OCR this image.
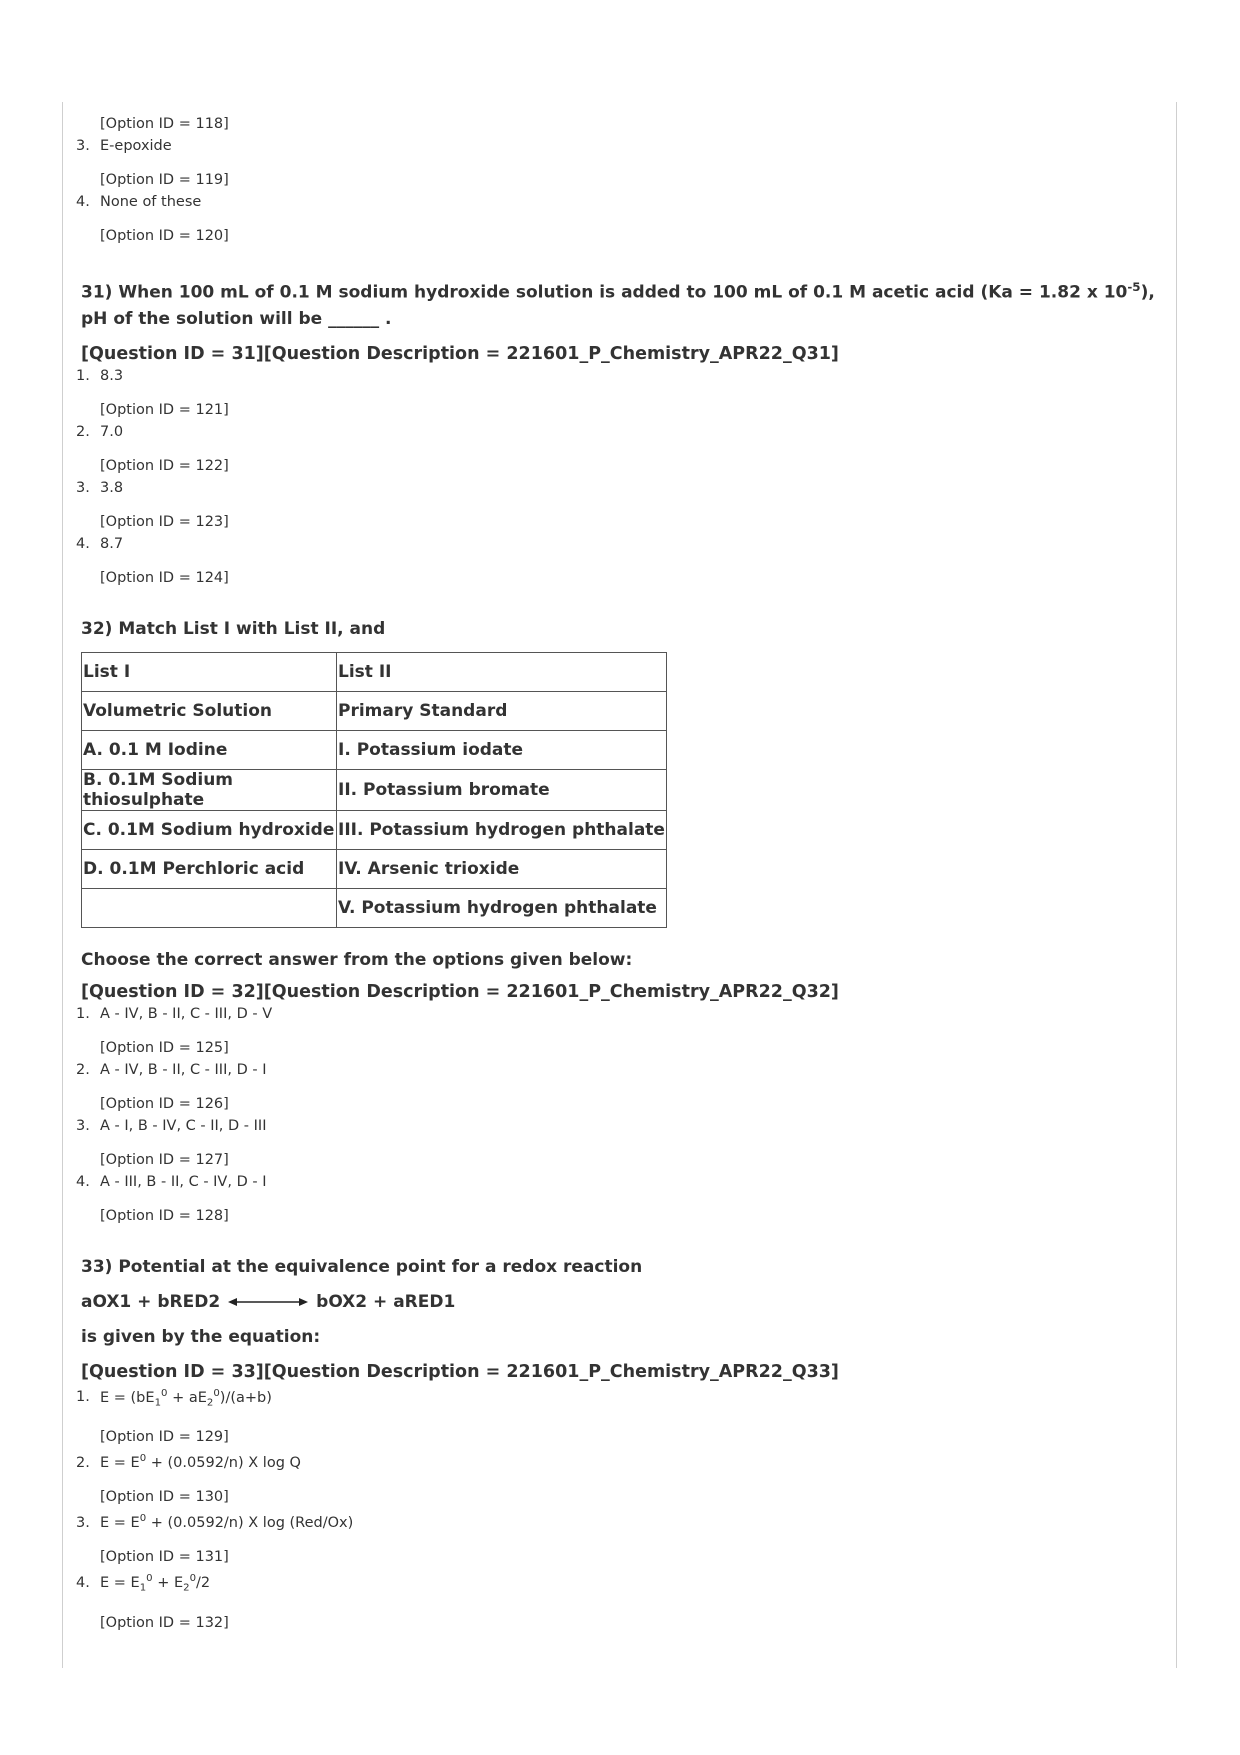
[Option ID = 118]
3. E-epoxide
[Option ID = 119]
4. None of these
[Option ID = 120]
31) When 100 mL of 0.1 M sodium hydroxide solution is added to 100 mL of 0.1 M acetic acid (Ka = 1.82 x $10^{-5}$), pH of the solution will be ______ .
[Question ID = 31][Question Description = 221601_P_Chemistry_APR22_Q31]
1. 8.3
[Option ID = 121]
2. 7.0
[Option ID = 122]
3. 3.8
[Option ID = 123]
4. 8.7
[Option ID = 124]
32) Match List I with List II, and
List I	List II
Volumetric Solution	Primary Standard
A. 0.1 M Iodine	I. Potassium iodate
B. 0.1M Sodium thiosulphate	II. Potassium bromate
C. 0.1M Sodium hydroxide	III. Potassium hydrogen phthalate
D. 0.1M Perchloric acid	IV. Arsenic trioxide
	V. Potassium hydrogen phthalate
Choose the correct answer from the options given below:
[Question ID = 32][Question Description = 221601_P_Chemistry_APR22_Q32]
1. A - IV, B - II, C - III, D - V
[Option ID = 125]
2. A - IV, B - II, C - III, D - I
[Option ID = 126]
3. A - I, B - IV, C - II, D - III
[Option ID = 127]
4. A - III, B - II, C - IV, D - I
[Option ID = 128]
33) Potential at the equivalence point for a redox reaction
aOX1 + bRED2	bOX2 + aRED1
is given by the equation:
[Question ID = 33][Question Description = 221601_P_Chemistry_APR22_Q33]
1. $E = (bE_1^0 + aE_2^0)/(a+b)$
[Option ID = 129]
2. $E = E^0 + (0.0592/n)$ X log Q
[Option ID = 130]
3. $E = E^0 + (0.0592/n)$ X log (Red/Ox)
[Option ID = 131]
4. $E = E_1^0 + E_2^0/2$
[Option ID = 132]
